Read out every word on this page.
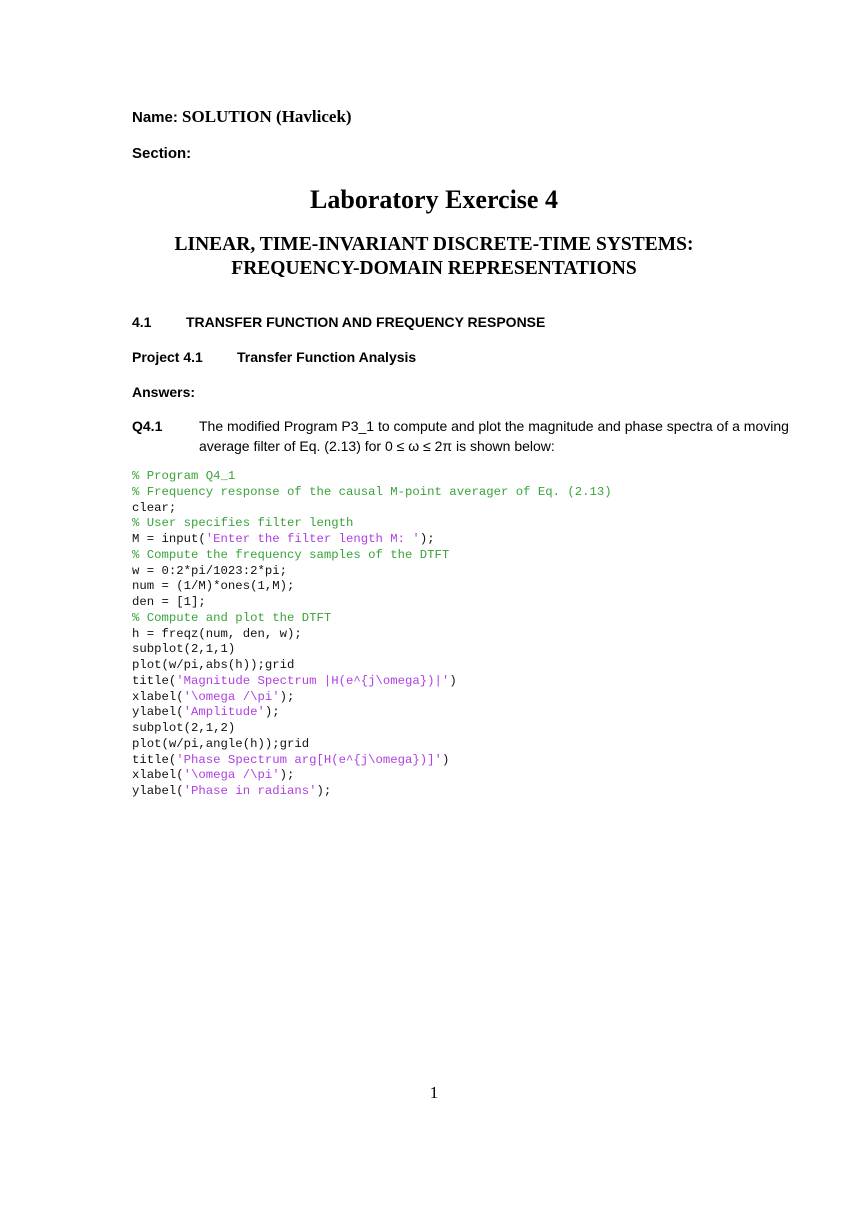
Name: SOLUTION (Havlicek)
Section:
Laboratory Exercise 4
LINEAR, TIME-INVARIANT DISCRETE-TIME SYSTEMS:
FREQUENCY-DOMAIN REPRESENTATIONS
4.1 TRANSFER FUNCTION AND FREQUENCY RESPONSE
Project 4.1 Transfer Function Analysis
Answers:
Q4.1	The modified Program P3_1 to compute and plot the magnitude and phase spectra of a moving
average filter of Eq. (2.13) for 0 ≤ ω ≤ 2π is shown below:
% Program Q4_1
% Frequency response of the causal M-point averager of Eq. (2.13)
clear;
% User specifies filter length
M = input('Enter the filter length M: ');
% Compute the frequency samples of the DTFT
w = 0:2*pi/1023:2*pi;
num = (1/M)*ones(1,M);
den = [1];
% Compute and plot the DTFT
h = freqz(num, den, w);
subplot(2,1,1)
plot(w/pi,abs(h));grid
title('Magnitude Spectrum |H(e^{j\omega})|')
xlabel('\omega /\pi');
ylabel('Amplitude');
subplot(2,1,2)
plot(w/pi,angle(h));grid
title('Phase Spectrum arg[H(e^{j\omega})]')
xlabel('\omega /\pi');
ylabel('Phase in radians');
1
